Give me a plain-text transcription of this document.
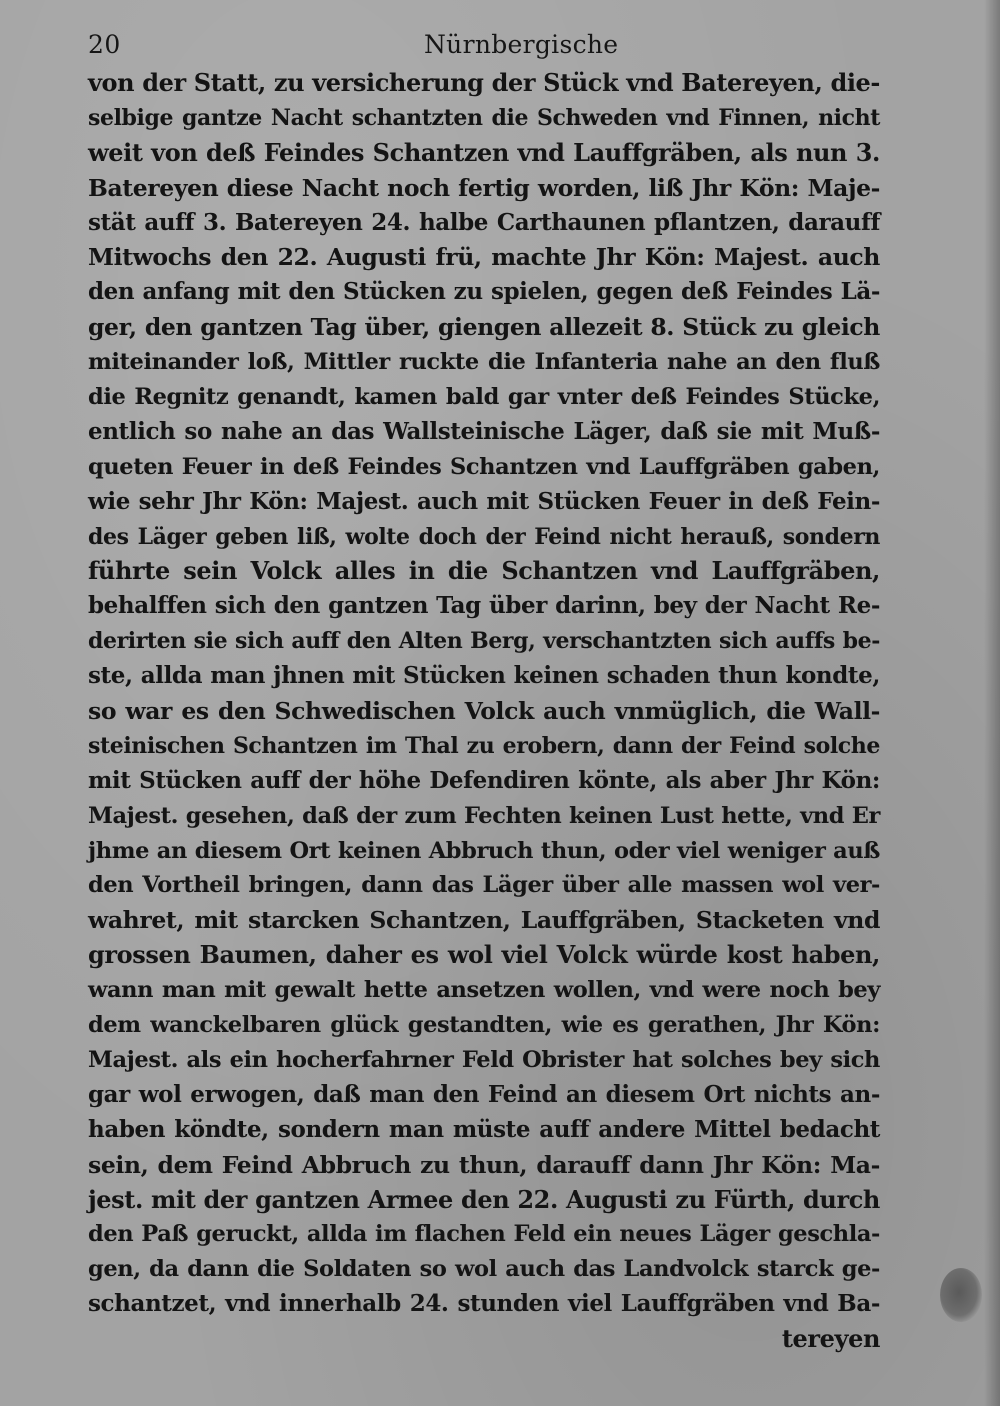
20	Nürnbergische
von der Statt, zu versicherung der Stück vnd Batereyen, die-
selbige gantze Nacht schantzten die Schweden vnd Finnen, nicht
weit von deß Feindes Schantzen vnd Lauffgräben, als nun 3.
Batereyen diese Nacht noch fertig worden, liß Jhr Kön: Maje-
stät auff 3. Batereyen 24. halbe Carthaunen pflantzen, darauff
Mitwochs den 22. Augusti frü, machte Jhr Kön: Majest. auch
den anfang mit den Stücken zu spielen, gegen deß Feindes Lä-
ger, den gantzen Tag über, giengen allezeit 8. Stück zu gleich
miteinander loß, Mittler ruckte die Infanteria nahe an den fluß
die Regnitz genandt, kamen bald gar vnter deß Feindes Stücke,
entlich so nahe an das Wallsteinische Läger, daß sie mit Muß-
queten Feuer in deß Feindes Schantzen vnd Lauffgräben gaben,
wie sehr Jhr Kön: Majest. auch mit Stücken Feuer in deß Fein-
des Läger geben liß, wolte doch der Feind nicht herauß, sondern
führte sein Volck alles in die Schantzen vnd Lauffgräben,
behalffen sich den gantzen Tag über darinn, bey der Nacht Re-
derirten sie sich auff den Alten Berg, verschantzten sich auffs be-
ste, allda man jhnen mit Stücken keinen schaden thun kondte,
so war es den Schwedischen Volck auch vnmüglich, die Wall-
steinischen Schantzen im Thal zu erobern, dann der Feind solche
mit Stücken auff der höhe Defendiren könte, als aber Jhr Kön:
Majest. gesehen, daß der zum Fechten keinen Lust hette, vnd Er
jhme an diesem Ort keinen Abbruch thun, oder viel weniger auß
den Vortheil bringen, dann das Läger über alle massen wol ver-
wahret, mit starcken Schantzen, Lauffgräben, Stacketen vnd
grossen Baumen, daher es wol viel Volck würde kost haben,
wann man mit gewalt hette ansetzen wollen, vnd were noch bey
dem wanckelbaren glück gestandten, wie es gerathen, Jhr Kön:
Majest. als ein hocherfahrner Feld Obrister hat solches bey sich
gar wol erwogen, daß man den Feind an diesem Ort nichts an-
haben köndte, sondern man müste auff andere Mittel bedacht
sein, dem Feind Abbruch zu thun, darauff dann Jhr Kön: Ma-
jest. mit der gantzen Armee den 22. Augusti zu Fürth, durch
den Paß geruckt, allda im flachen Feld ein neues Läger geschla-
gen, da dann die Soldaten so wol auch das Landvolck starck ge-
schantzet, vnd innerhalb 24. stunden viel Lauffgräben vnd Ba-
tereyen
